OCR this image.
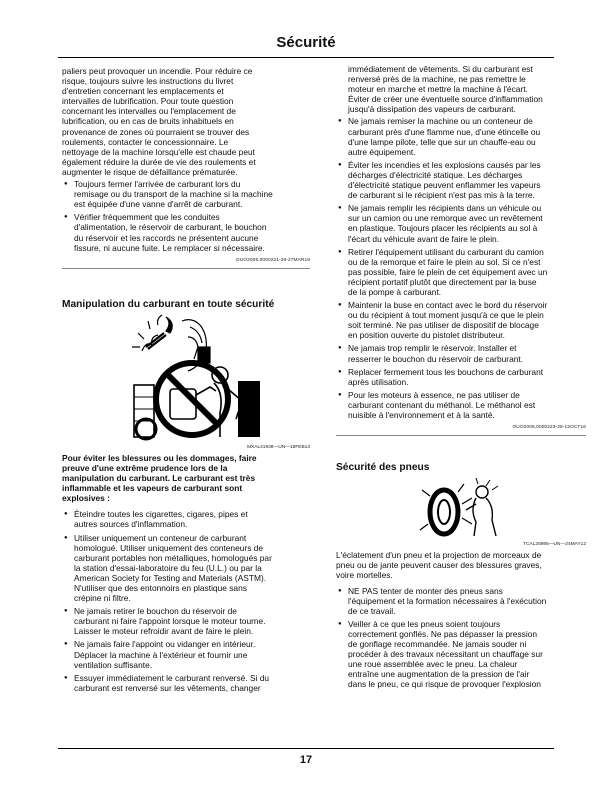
Sécurité
paliers peut provoquer un incendie. Pour réduire ce
risque, toujours suivre les instructions du livret
d'entretien concernant les emplacements et
intervalles de lubrification. Pour toute question
concernant les intervalles ou l'emplacement de
lubrification, ou en cas de bruits inhabituels en
provenance de zones où pourraient se trouver des
roulements, contacter le concessionnaire. Le
nettoyage de la machine lorsqu'elle est chaude peut
également réduire la durée de vie des roulements et
augmenter le risque de défaillance prématurée.
● Toujours fermer l'arrivée de carburant lors du
remisage ou du transport de la machine si la machine
est équipée d'une vanne d'arrêt de carburant.
● Vérifier fréquemment que les conduites
d'alimentation, le réservoir de carburant, le bouchon
du réservoir et les raccords ne présentent aucune
fissure, ni aucune fuite. Le remplacer si nécessaire.
OUO2005,0000221-28-27MAR19
Manipulation du carburant en toute sécurité
MXAL41938—UN—18FEB13
Pour éviter les blessures ou les dommages, faire
preuve d'une extrême prudence lors de la
manipulation du carburant. Le carburant est très
inflammable et les vapeurs de carburant sont
explosives :
● Éteindre toutes les cigarettes, cigares, pipes et
autres sources d'inflammation.
● Utiliser uniquement un conteneur de carburant
homologué. Utiliser uniquement des conteneurs de
carburant portables non métalliques, homologués par
la station d'essai-laboratoire du feu (U.L.) ou par la
American Society for Testing and Materials (ASTM).
N'utiliser que des entonnoirs en plastique sans
crépine ni filtre.
● Ne jamais retirer le bouchon du réservoir de
carburant ni faire l'appoint lorsque le moteur tourne.
Laisser le moteur refroidir avant de faire le plein.
● Ne jamais faire l'appoint ou vidanger en intérieur.
Déplacer la machine à l'extérieur et fournir une
ventilation suffisante.
● Essuyer immédiatement le carburant renversé. Si du
carburant est renversé sur les vêtements, changer
immédiatement de vêtements. Si du carburant est
renversé près de la machine, ne pas remettre le
moteur en marche et mettre la machine à l'écart.
Éviter de créer une éventuelle source d'inflammation
jusqu'à dissipation des vapeurs de carburant.
● Ne jamais remiser la machine ou un conteneur de
carburant près d'une flamme nue, d'une étincelle ou
d'une lampe pilote, telle que sur un chauffe-eau ou
autre équipement.
● Éviter les incendies et les explosions causés par les
décharges d'électricité statique. Les décharges
d'électricité statique peuvent enflammer les vapeurs
de carburant si le récipient n'est pas mis à la terre.
● Ne jamais remplir les récipients dans un véhicule ou
sur un camion ou une remorque avec un revêtement
en plastique. Toujours placer les récipients au sol à
l'écart du véhicule avant de faire le plein.
● Retirer l'équipement utilisant du carburant du camion
ou de la remorque et faire le plein au sol. Si ce n'est
pas possible, faire le plein de cet équipement avec un
récipient portatif plutôt que directement par la buse
de la pompe à carburant.
● Maintenir la buse en contact avec le bord du réservoir
ou du récipient à tout moment jusqu'à ce que le plein
soit terminé. Ne pas utiliser de dispositif de blocage
en position ouverte du pistolet distributeur.
● Ne jamais trop remplir le réservoir. Installer et
resserrer le bouchon du réservoir de carburant.
● Replacer fermement tous les bouchons de carburant
après utilisation.
● Pour les moteurs à essence, ne pas utiliser de
carburant contenant du méthanol. Le méthanol est
nuisible à l'environnement et à la santé.
OUO2005,0000223-28-12OCT16
Sécurité des pneus
TCAL25985—UN—24MAY12
L'éclatement d'un pneu et la projection de morceaux de
pneu ou de jante peuvent causer des blessures graves,
voire mortelles.
● NE PAS tenter de monter des pneus sans
l'équipement et la formation nécessaires à l'exécution
de ce travail.
● Veiller à ce que les pneus soient toujours
correctement gonflés. Ne pas dépasser la pression
de gonflage recommandée. Ne jamais souder ni
procéder à des travaux nécessitant un chauffage sur
une roue assemblée avec le pneu. La chaleur
entraîne une augmentation de la pression de l'air
dans le pneu, ce qui risque de provoquer l'explosion
17
